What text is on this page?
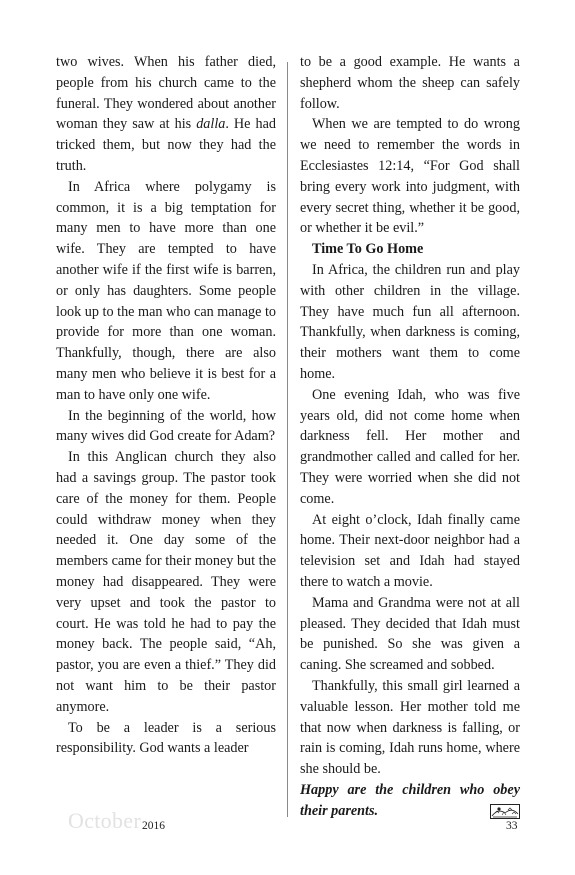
two wives. When his father died, people from his church came to the funeral. They wondered about another woman they saw at his dalla. He had tricked them, but now they had the truth.

In Africa where polygamy is common, it is a big temptation for many men to have more than one wife. They are tempted to have another wife if the first wife is barren, or only has daughters. Some people look up to the man who can manage to provide for more than one woman. Thankfully, though, there are also many men who believe it is best for a man to have only one wife.

In the beginning of the world, how many wives did God create for Adam?

In this Anglican church they also had a savings group. The pastor took care of the money for them. People could withdraw money when they needed it. One day some of the members came for their money but the money had disappeared. They were very upset and took the pastor to court. He was told he had to pay the money back. The people said, “Ah, pastor, you are even a thief.” They did not want him to be their pastor anymore.

To be a leader is a serious responsibility. God wants a leader

to be a good example. He wants a shepherd whom the sheep can safely follow.

When we are tempted to do wrong we need to remember the words in Ecclesiastes 12:14, “For God shall bring every work into judgment, with every secret thing, whether it be good, or whether it be evil.”

Time To Go Home

In Africa, the children run and play with other children in the village. They have much fun all afternoon. Thankfully, when darkness is coming, their mothers want them to come home.

One evening Idah, who was five years old, did not come home when darkness fell. Her mother and grandmother called and called for her. They were worried when she did not come.

At eight o’clock, Idah finally came home. Their next-door neighbor had a television set and Idah had stayed there to watch a movie.

Mama and Grandma were not at all pleased. They decided that Idah must be punished. So she was given a caning. She screamed and sobbed.

Thankfully, this small girl learned a valuable lesson. Her mother told me that now when darkness is falling, or rain is coming, Idah runs home, where she should be.

Happy are the children who obey their parents.

October 2016	33
